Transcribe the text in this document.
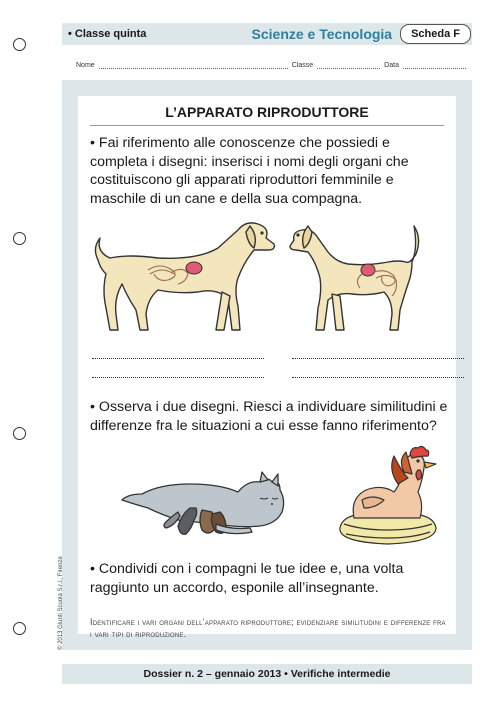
• Classe quinta	Scienze e Tecnologia	Scheda F
Nome	Classe	Data
L’APPARATO RIPRODUTTORE
• Fai riferimento alle conoscenze che possiedi e completa i disegni: inserisci i nomi degli organi che costituiscono gli apparati riproduttori femminile e maschile di un cane e della sua compagna.
• Osserva i due disegni. Riesci a individuare similitudini e differenze fra le situazioni a cui esse fanno riferimento?
• Condividi con i compagni le tue idee e, una volta raggiunto un accordo, esponile all’insegnante.
Identificare i vari organi dell’apparato riproduttore; evidenziare similitudini e differenze fra i vari tipi di riproduzione.
Dossier n. 2 – gennaio 2013 • Verifiche intermedie
© 2013 Giunti Scuola S.r.l., Firenze
